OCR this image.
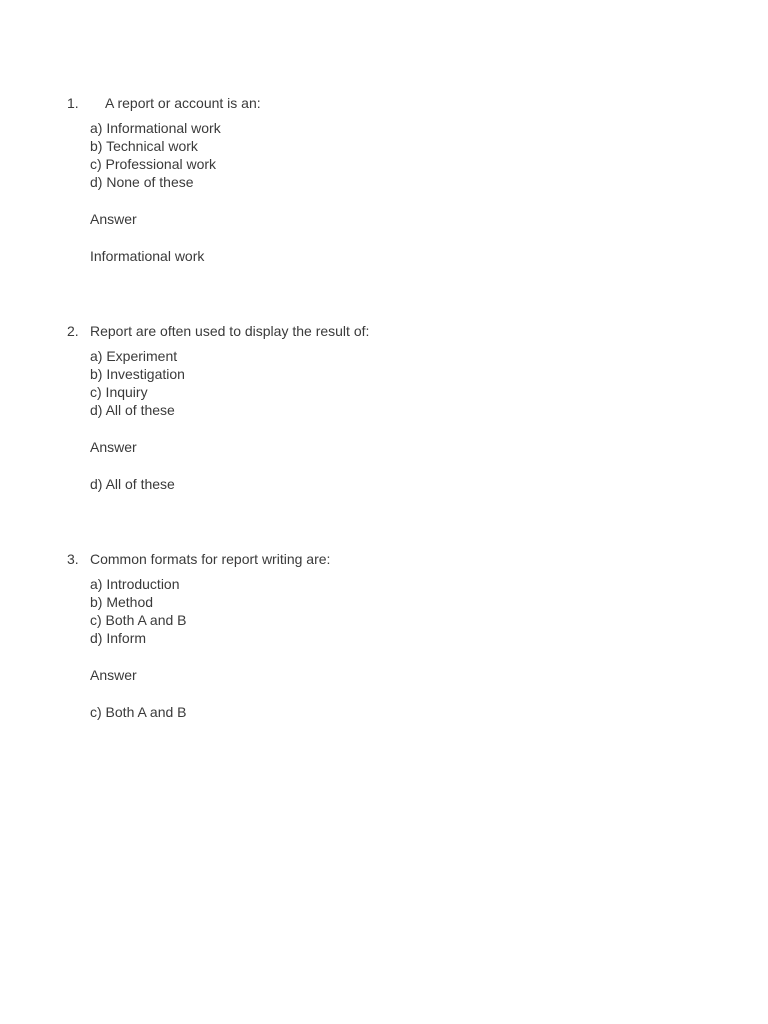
1. A report or account is an:
a) Informational work
b) Technical work
c) Professional work
d) None of these
Answer
Informational work
2. Report are often used to display the result of:
a) Experiment
b) Investigation
c) Inquiry
d) All of these
Answer
d) All of these
3. Common formats for report writing are:
a) Introduction
b) Method
c) Both A and B
d) Inform
Answer
c) Both A and B
